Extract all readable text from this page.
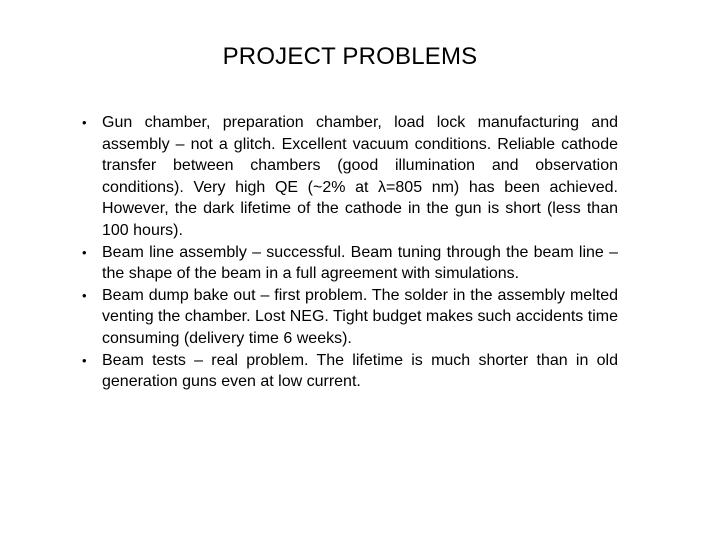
PROJECT PROBLEMS
• Gun chamber, preparation chamber, load lock manufacturing and assembly – not a glitch. Excellent vacuum conditions. Reliable cathode transfer between chambers (good illumination and observation conditions). Very high QE (~2% at λ=805 nm) has been achieved. However, the dark lifetime of the cathode in the gun is short (less than 100 hours).
• Beam line assembly – successful. Beam tuning through the beam line – the shape of the beam in a full agreement with simulations.
• Beam dump bake out – first problem. The solder in the assembly melted venting the chamber. Lost NEG. Tight budget makes such accidents time consuming (delivery time 6 weeks).
• Beam tests – real problem. The lifetime is much shorter than in old generation guns even at low current.
